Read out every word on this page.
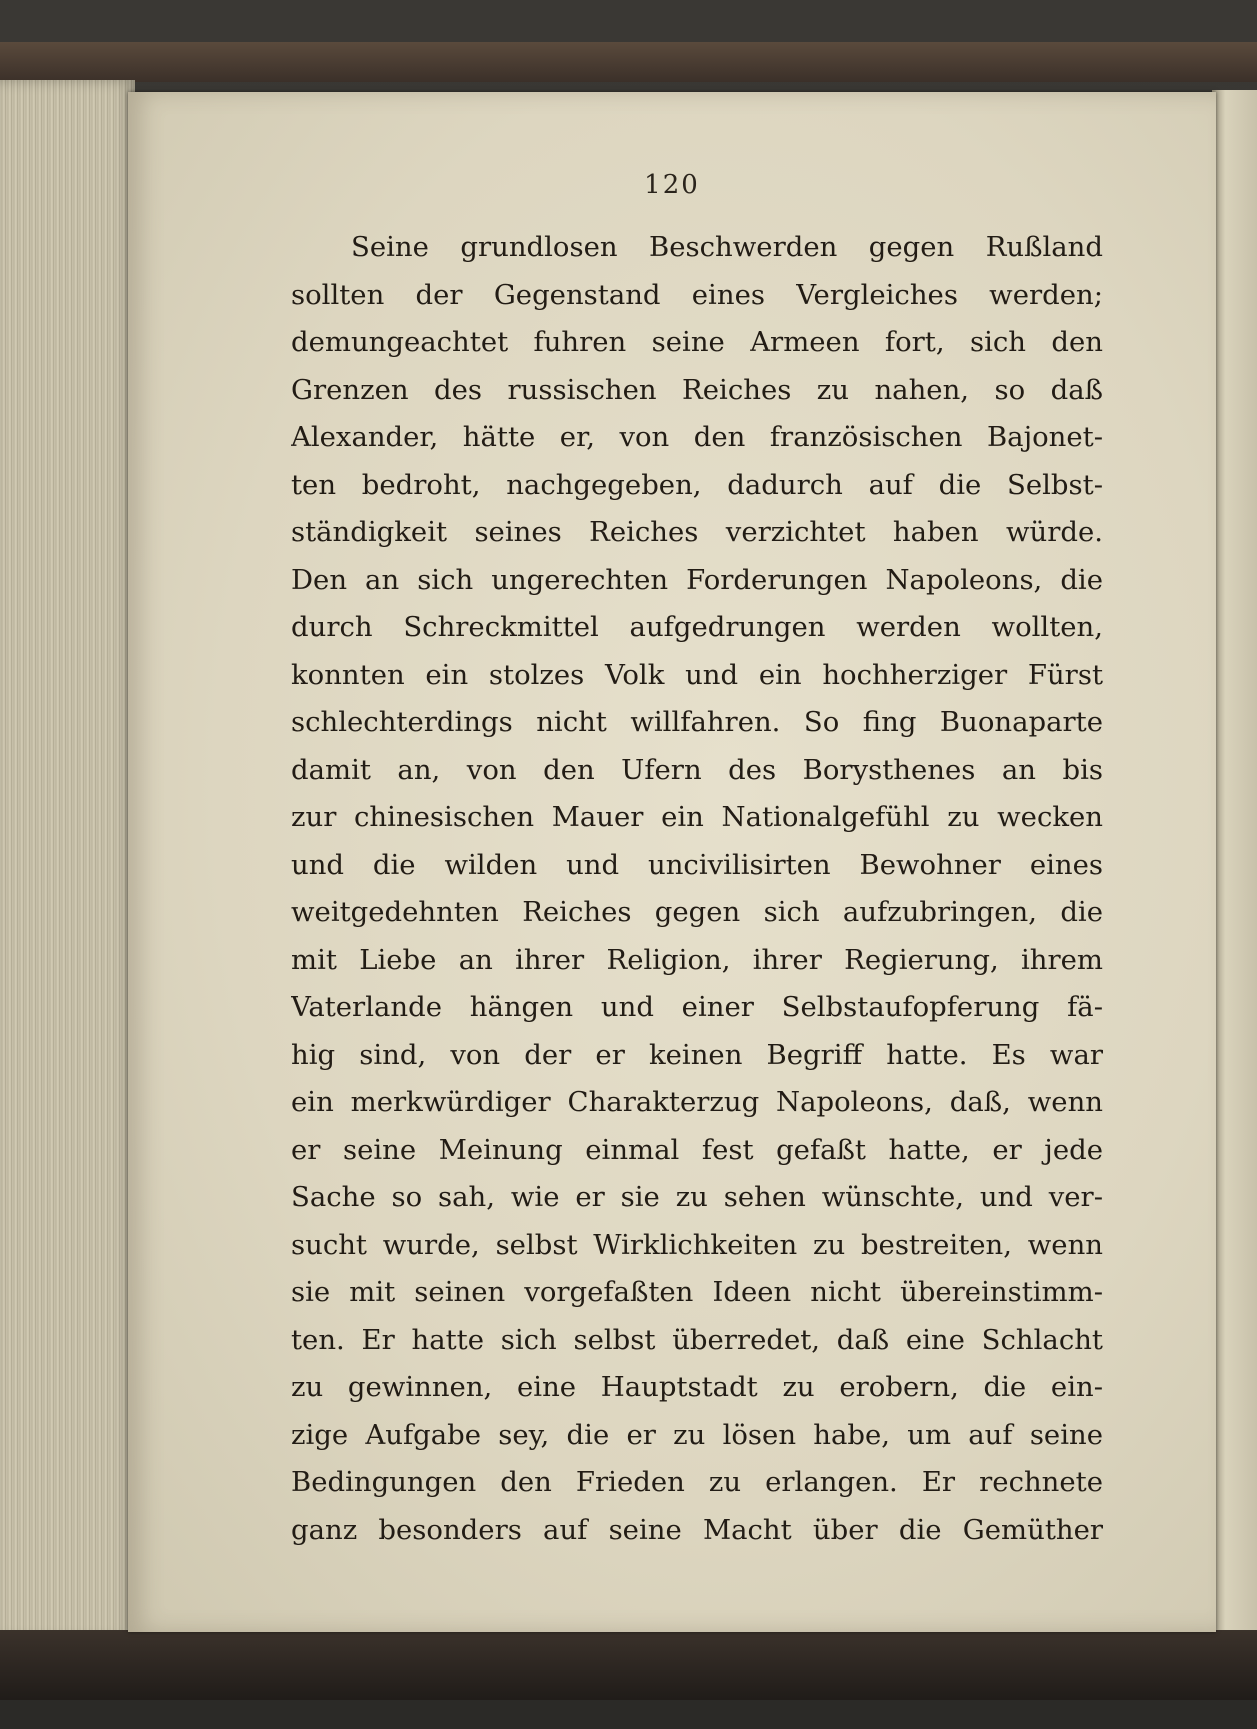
120
Seine grundlosen Beschwerden gegen Rußland
sollten der Gegenstand eines Vergleiches werden;
demungeachtet fuhren seine Armeen fort, sich den
Grenzen des russischen Reiches zu nahen, so daß
Alexander, hätte er, von den französischen Bajonet-
ten bedroht, nachgegeben, dadurch auf die Selbst-
ständigkeit seines Reiches verzichtet haben würde.
Den an sich ungerechten Forderungen Napoleons, die
durch Schreckmittel aufgedrungen werden wollten,
konnten ein stolzes Volk und ein hochherziger Fürst
schlechterdings nicht willfahren. So fing Buonaparte
damit an, von den Ufern des Borysthenes an bis
zur chinesischen Mauer ein Nationalgefühl zu wecken
und die wilden und uncivilisirten Bewohner eines
weitgedehnten Reiches gegen sich aufzubringen, die
mit Liebe an ihrer Religion, ihrer Regierung, ihrem
Vaterlande hängen und einer Selbstaufopferung fä-
hig sind, von der er keinen Begriff hatte. Es war
ein merkwürdiger Charakterzug Napoleons, daß, wenn
er seine Meinung einmal fest gefaßt hatte, er jede
Sache so sah, wie er sie zu sehen wünschte, und ver-
sucht wurde, selbst Wirklichkeiten zu bestreiten, wenn
sie mit seinen vorgefaßten Ideen nicht übereinstimm-
ten. Er hatte sich selbst überredet, daß eine Schlacht
zu gewinnen, eine Hauptstadt zu erobern, die ein-
zige Aufgabe sey, die er zu lösen habe, um auf seine
Bedingungen den Frieden zu erlangen. Er rechnete
ganz besonders auf seine Macht über die Gemüther
